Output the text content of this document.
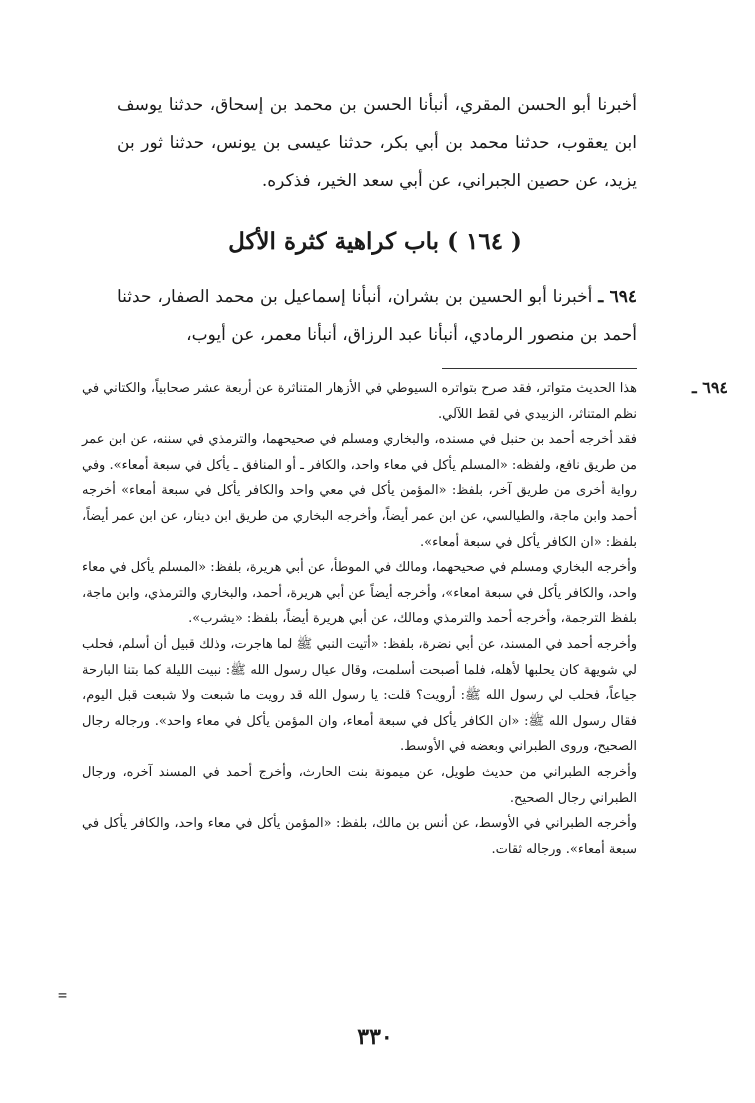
أخبرنا أبو الحسن المقري، أنبأنا الحسن بن محمد بن إسحاق، حدثنا يوسف ابن يعقوب، حدثنا محمد بن أبي بكر، حدثنا عيسى بن يونس، حدثنا ثور بن يزيد، عن حصين الجبراني، عن أبي سعد الخير، فذكره.

( ١٦٤ ) باب كراهية كثرة الأكل

٦٩٤ ـ أخبرنا أبو الحسين بن بشران، أنبأنا إسماعيل بن محمد الصفار، حدثنا أحمد بن منصور الرمادي، أنبأنا عبد الرزاق، أنبأنا معمر، عن أيوب،

٦٩٤ ـ

هذا الحديث متواتر، فقد صرح بتواتره السيوطي في الأزهار المتناثرة عن أربعة عشر صحابياً، والكتاني في نظم المتناثر، الزبيدي في لقط اللآلي.

فقد أخرجه أحمد بن حنبل في مسنده، والبخاري ومسلم في صحيحهما، والترمذي في سننه، عن ابن عمر من طريق نافع، ولفظه: «المسلم يأكل في معاء واحد، والكافر ـ أو المنافق ـ يأكل في سبعة أمعاء». وفي رواية أخرى من طريق آخر، بلفظ: «المؤمن يأكل في معي واحد والكافر يأكل في سبعة أمعاء» أخرجه أحمد وابن ماجة، والطيالسي، عن ابن عمر أيضاً، وأخرجه البخاري من طريق ابن دينار، عن ابن عمر أيضاً، بلفظ: «ان الكافر يأكل في سبعة أمعاء».

وأخرجه البخاري ومسلم في صحيحهما، ومالك في الموطأ، عن أبي هريرة، بلفظ: «المسلم يأكل في معاء واحد، والكافر يأكل في سبعة امعاء»، وأخرجه أيضاً عن أبي هريرة، أحمد، والبخاري والترمذي، وابن ماجة، بلفظ الترجمة، وأخرجه أحمد والترمذي ومالك، عن أبي هريرة أيضاً، بلفظ: «يشرب».

وأخرجه أحمد في المسند، عن أبي نضرة، بلفظ: «أتيت النبي ﷺ لما هاجرت، وذلك قبيل أن أسلم، فحلب لي شويهة كان يحلبها لأهله، فلما أصبحت أسلمت، وقال عيال رسول الله ﷺ: نبيت الليلة كما بتنا البارحة جياعاً، فحلب لي رسول الله ﷺ: أرويت؟ قلت: يا رسول الله قد رويت ما شبعت ولا شبعت قبل اليوم، فقال رسول الله ﷺ: «ان الكافر يأكل في سبعة أمعاء، وان المؤمن يأكل في معاء واحد». ورجاله رجال الصحيح، وروى الطبراني وبعضه في الأوسط.

وأخرجه الطبراني من حديث طويل، عن ميمونة بنت الحارث، وأخرج أحمد في المسند آخره، ورجال الطبراني رجال الصحيح.

وأخرجه الطبراني في الأوسط، عن أنس بن مالك، بلفظ: «المؤمن يأكل في معاء واحد، والكافر يأكل في سبعة أمعاء». ورجاله ثقات.

=
٣٣٠
